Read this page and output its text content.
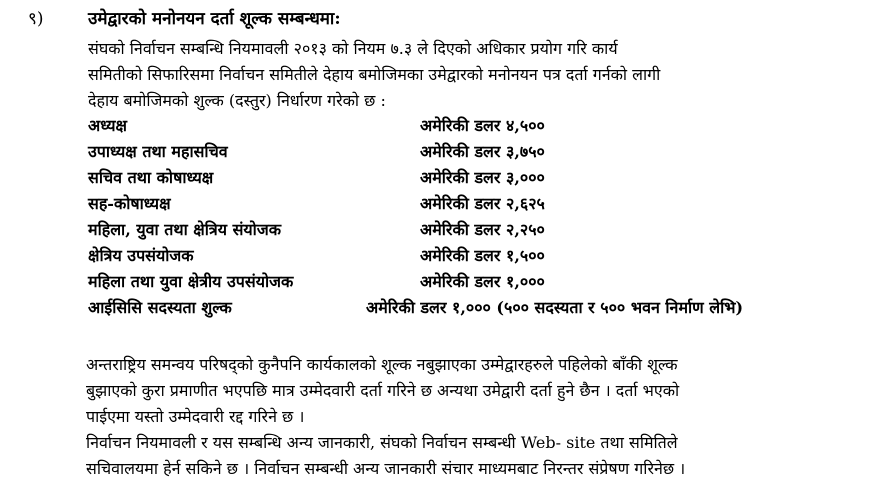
९)	उमेद्वारको मनोनयन दर्ता शूल्क सम्बन्धमा:
संघको निर्वाचन सम्बन्धि नियमावली २०१३ को नियम ७.३ ले दिएको अधिकार प्रयोग गरि कार्य
समितीको सिफारिसमा निर्वाचन समितीले देहाय बमोजिमका उमेद्वारको मनोनयन पत्र दर्ता गर्नको लागी
देहाय बमोजिमको शुल्क (दस्तुर) निर्धारण गरेको छ :
अध्यक्ष	अमेरिकी डलर ४,५००
उपाध्यक्ष तथा महासचिव	अमेरिकी डलर ३,७५०
सचिव तथा कोषाध्यक्ष	अमेरिकी डलर ३,०००
सह-कोषाध्यक्ष	अमेरिकी डलर २,६२५
महिला, युवा तथा क्षेत्रिय संयोजक	अमेरिकी डलर २,२५०
क्षेत्रिय उपसंयोजक	अमेरिकी डलर १,५००
महिला तथा युवा क्षेत्रीय उपसंयोजक	अमेरिकी डलर १,०००
आईसिसि सदस्यता शुल्क	अमेरिकी डलर १,००० (५०० सदस्यता र ५०० भवन निर्माण लेभि)
अन्तराष्ट्रिय समन्वय परिषद्को कुनैपनि कार्यकालको शूल्क नबुझाएका उम्मेद्वारहरुले पहिलेको बाँकी शूल्क
बुझाएको कुरा प्रमाणीत भएपछि मात्र उम्मेदवारी दर्ता गरिने छ अन्यथा उमेद्वारी दर्ता हुने छैन । दर्ता भएको
पाईएमा यस्तो उम्मेदवारी रद्द गरिने छ ।
निर्वाचन नियमावली र यस सम्बन्धि अन्य जानकारी, संघको निर्वाचन सम्बन्धी Web- site तथा समितिले
सचिवालयमा हेर्न सकिने छ । निर्वाचन सम्बन्धी अन्य जानकारी संचार माध्यमबाट निरन्तर संप्रेषण गरिनेछ ।
